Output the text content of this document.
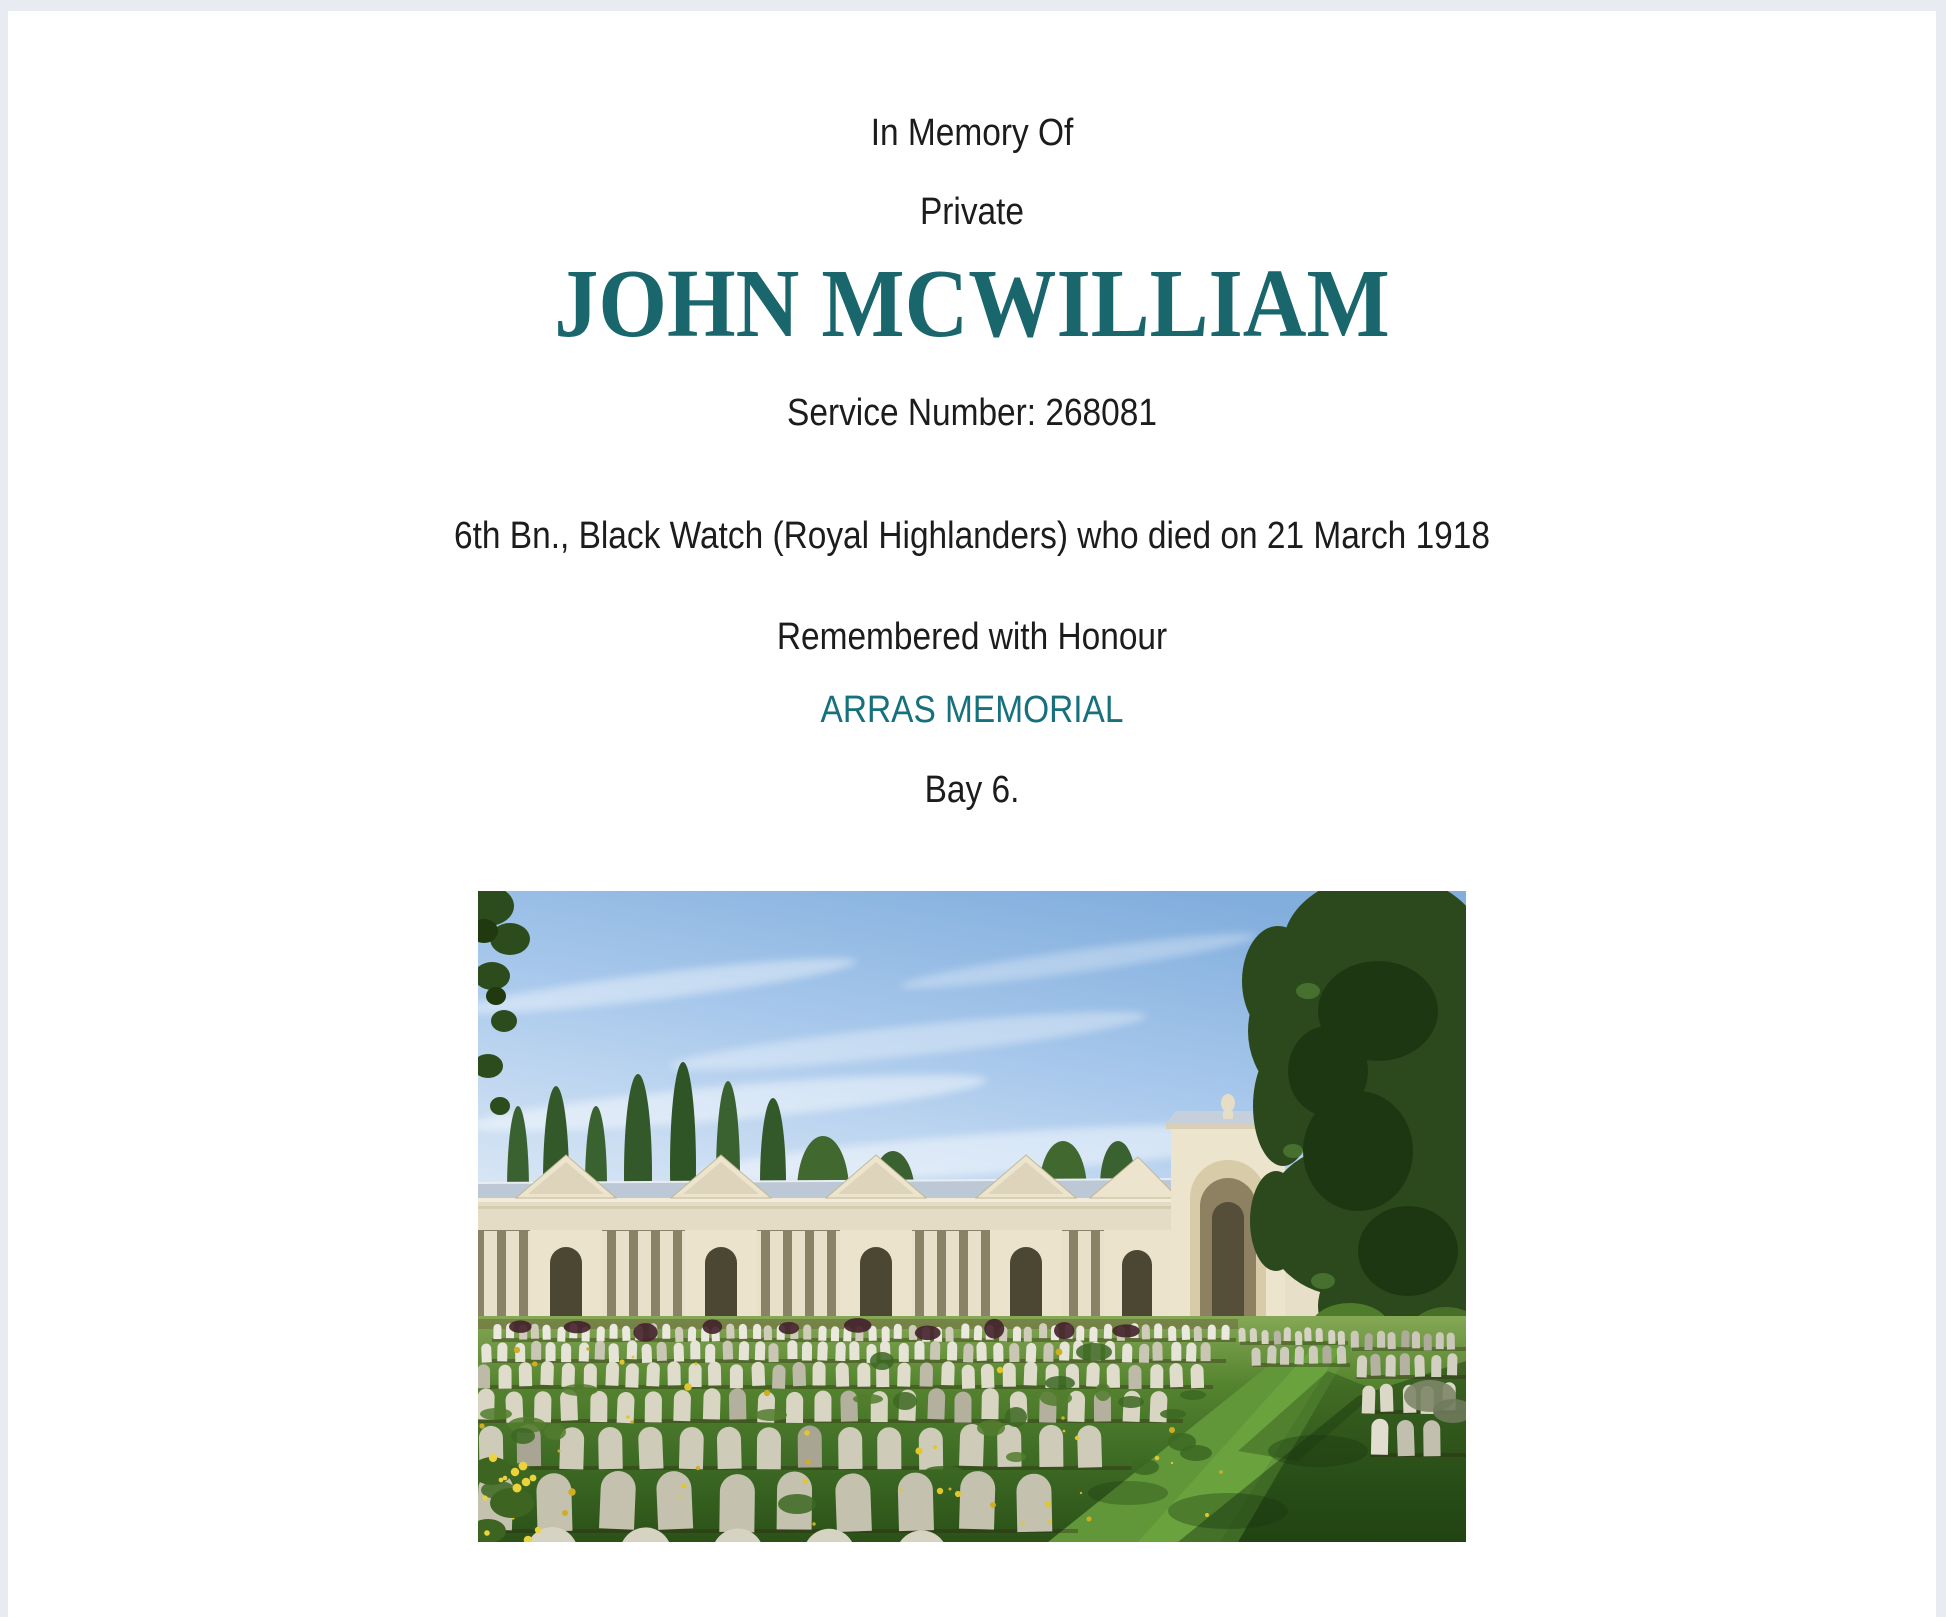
In Memory Of
Private
JOHN MCWILLIAM
Service Number: 268081
6th Bn., Black Watch (Royal Highlanders) who died on 21 March 1918
Remembered with Honour
ARRAS MEMORIAL
Bay 6.
